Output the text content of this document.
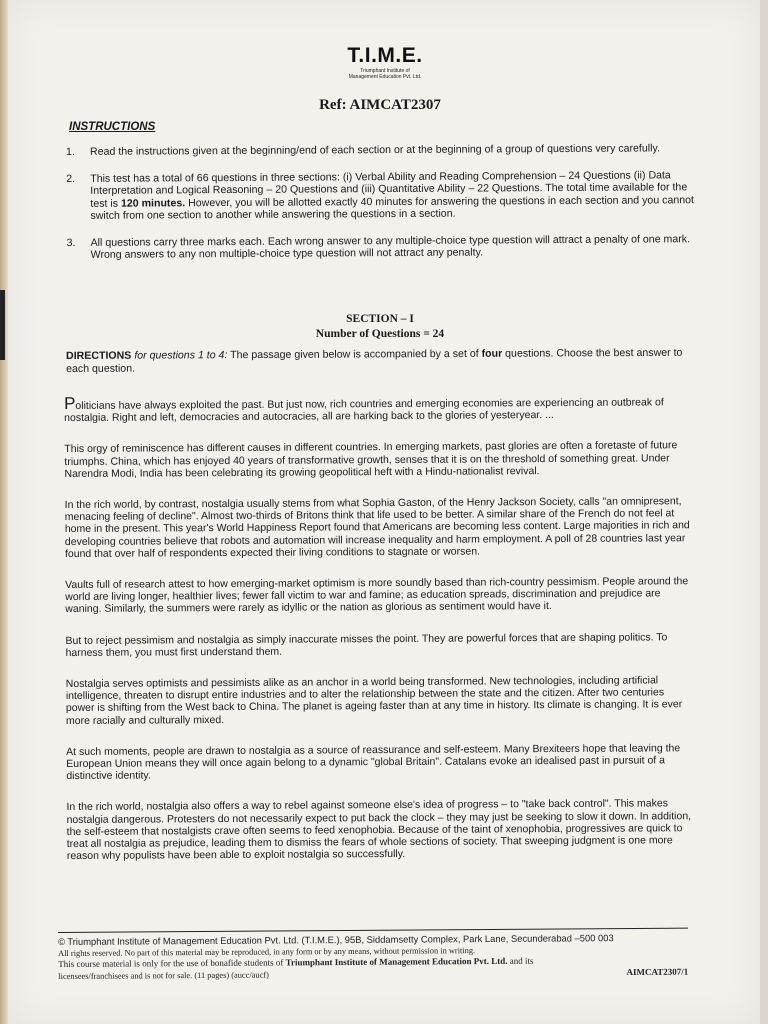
T.I.M.E.
Triumphant Institute of
Management Education Pvt. Ltd.
Ref: AIMCAT2307
INSTRUCTIONS
1.	Read the instructions given at the beginning/end of each section or at the beginning of a group of questions very carefully.
2.	This test has a total of 66 questions in three sections: (i) Verbal Ability and Reading Comprehension – 24 Questions (ii) Data Interpretation and Logical Reasoning – 20 Questions and (iii) Quantitative Ability – 22 Questions. The total time available for the test is 120 minutes. However, you will be allotted exactly 40 minutes for answering the questions in each section and you cannot switch from one section to another while answering the questions in a section.
3.	All questions carry three marks each. Each wrong answer to any multiple-choice type question will attract a penalty of one mark. Wrong answers to any non multiple-choice type question will not attract any penalty.
SECTION – I
Number of Questions = 24
DIRECTIONS for questions 1 to 4: The passage given below is accompanied by a set of four questions. Choose the best answer to each question.

Politicians have always exploited the past. But just now, rich countries and emerging economies are experiencing an outbreak of nostalgia. Right and left, democracies and autocracies, all are harking back to the glories of yesteryear. ...

This orgy of reminiscence has different causes in different countries. In emerging markets, past glories are often a foretaste of future triumphs. China, which has enjoyed 40 years of transformative growth, senses that it is on the threshold of something great. Under Narendra Modi, India has been celebrating its growing geopolitical heft with a Hindu-nationalist revival.

In the rich world, by contrast, nostalgia usually stems from what Sophia Gaston, of the Henry Jackson Society, calls "an omnipresent, menacing feeling of decline". Almost two-thirds of Britons think that life used to be better. A similar share of the French do not feel at home in the present. This year's World Happiness Report found that Americans are becoming less content. Large majorities in rich and developing countries believe that robots and automation will increase inequality and harm employment. A poll of 28 countries last year found that over half of respondents expected their living conditions to stagnate or worsen.

Vaults full of research attest to how emerging-market optimism is more soundly based than rich-country pessimism. People around the world are living longer, healthier lives; fewer fall victim to war and famine; as education spreads, discrimination and prejudice are waning. Similarly, the summers were rarely as idyllic or the nation as glorious as sentiment would have it.

But to reject pessimism and nostalgia as simply inaccurate misses the point. They are powerful forces that are shaping politics. To harness them, you must first understand them.

Nostalgia serves optimists and pessimists alike as an anchor in a world being transformed. New technologies, including artificial intelligence, threaten to disrupt entire industries and to alter the relationship between the state and the citizen. After two centuries power is shifting from the West back to China. The planet is ageing faster than at any time in history. Its climate is changing. It is ever more racially and culturally mixed.

At such moments, people are drawn to nostalgia as a source of reassurance and self-esteem. Many Brexiteers hope that leaving the European Union means they will once again belong to a dynamic "global Britain". Catalans evoke an idealised past in pursuit of a distinctive identity.

In the rich world, nostalgia also offers a way to rebel against someone else's idea of progress – to "take back control". This makes nostalgia dangerous. Protesters do not necessarily expect to put back the clock – they may just be seeking to slow it down. In addition, the self-esteem that nostalgists crave often seems to feed xenophobia. Because of the taint of xenophobia, progressives are quick to treat all nostalgia as prejudice, leading them to dismiss the fears of whole sections of society. That sweeping judgment is one more reason why populists have been able to exploit nostalgia so successfully.

© Triumphant Institute of Management Education Pvt. Ltd. (T.I.M.E.), 95B, Siddamsetty Complex, Park Lane, Secunderabad –500 003
All rights reserved. No part of this material may be reproduced, in any form or by any means, without permission in writing.
This course material is only for the use of bonafide students of Triumphant Institute of Management Education Pvt. Ltd. and its
licensees/franchisees and is not for sale. (11 pages) (aucc/aucf)	AIMCAT2307/1
